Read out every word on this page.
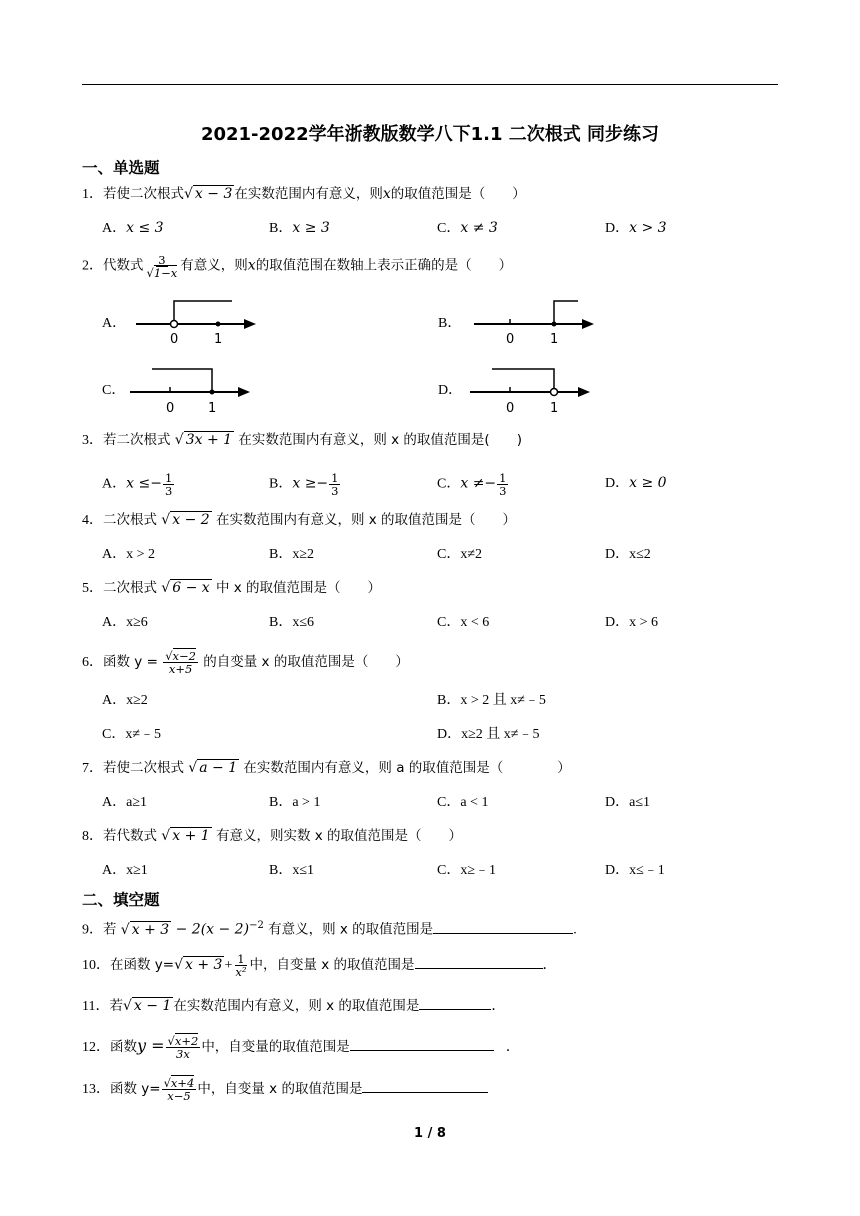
2021-2022学年浙教版数学八下1.1 二次根式 同步练习
一、单选题
1．若使二次根式√ x − 3 在实数范围内有意义，则x的取值范围是（　　）
A．x ≤ 3	B．x ≥ 3	C．x ≠ 3	D．x > 3
2．代数式 $\frac{3}{√1-x}$ 有意义，则x的取值范围在数轴上表示正确的是（　　）
A．
0	1
B．
0	1
C．
0	1
D．
0	1
3．若二次根式 √ 3x + 1 在实数范围内有意义，则 x 的取值范围是(　　)
A．$x \le- \frac{1}{3}$	B．$x \ge- \frac{1}{3}$	C．$x \ne- \frac{1}{3}$	D．x ≥ 0
4．二次根式 √ x − 2 在实数范围内有意义，则 x 的取值范围是（　　）
A．x > 2	B．x≥2	C．x≠2	D．x≤2
5．二次根式 √ 6 − x 中 x 的取值范围是（　　）
A．x≥6	B．x≤6	C．x < 6	D．x > 6
6．函数 $y = \frac{√x-2}{x+5}$ 的自变量 x 的取值范围是（　　）
A．x≥2	B．x > 2 且 x≠﹣5
C．x≠﹣5	D．x≥2 且 x≠﹣5
7．若使二次根式 √ a − 1 在实数范围内有意义，则 a 的取值范围是（　　　　）
A．a≥1	B．a > 1	C．a < 1	D．a≤1
8．若代数式 √ x + 1 有意义，则实数 x 的取值范围是（　　）
A．x≥1	B．x≤1	C．x≥﹣1	D．x≤﹣1
二、填空题
9．若 √ $x + 3 - 2(x - 2)^{-2}$ 有意义，则 x 的取值范围是	.
10．在函数 y=√ $x + 3 + \frac{1}{\text{x²}}$ 中，自变量 x 的取值范围是	．
11．若√ x − 1 在实数范围内有意义，则 x 的取值范围是	．
12．函数$y = \frac{√x+2}{3x}$ 中，自变量的取值范围是	．
13．函数 $y= \frac{√x+4}{x-5}$ 中，自变量 x 的取值范围是
1 / 8
